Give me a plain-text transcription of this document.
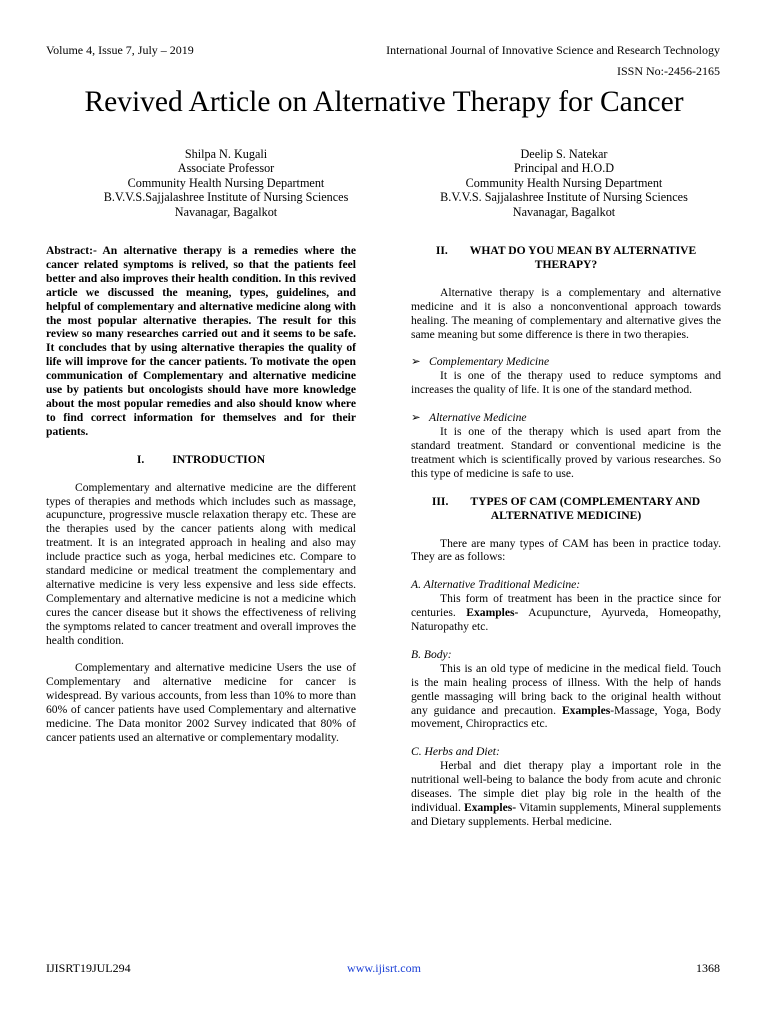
Volume 4, Issue 7, July – 2019	International Journal of Innovative Science and Research Technology
ISSN No:-2456-2165
Revived Article on Alternative Therapy for Cancer
Shilpa N. Kugali
Associate Professor
Community Health Nursing Department
B.V.V.S.Sajjalashree Institute of Nursing Sciences
Navanagar, Bagalkot
Deelip S. Natekar
Principal and H.O.D
Community Health Nursing Department
B.V.V.S. Sajjalashree Institute of Nursing Sciences
Navanagar, Bagalkot
Abstract:- An alternative therapy is a remedies where the cancer related symptoms is relived, so that the patients feel better and also improves their health condition. In this revived article we discussed the meaning, types, guidelines, and helpful of complementary and alternative medicine along with the most popular alternative therapies. The result for this review so many researches carried out and it seems to be safe. It concludes that by using alternative therapies the quality of life will improve for the cancer patients. To motivate the open communication of Complementary and alternative medicine use by patients but oncologists should have more knowledge about the most popular remedies and also should know where to find correct information for themselves and for their patients.
I. INTRODUCTION

Complementary and alternative medicine are the different types of therapies and methods which includes such as massage, acupuncture, progressive muscle relaxation therapy etc. These are the therapies used by the cancer patients along with medical treatment. It is an integrated approach in healing and also may include practice such as yoga, herbal medicines etc. Compare to standard medicine or medical treatment the complementary and alternative medicine is very less expensive and less side effects. Complementary and alternative medicine is not a medicine which cures the cancer disease but it shows the effectiveness of reliving the symptoms related to cancer treatment and overall improves the health condition.

Complementary and alternative medicine Users the use of Complementary and alternative medicine for cancer is widespread. By various accounts, from less than 10% to more than 60% of cancer patients have used Complementary and alternative medicine. The Data monitor 2002 Survey indicated that 80% of cancer patients used an alternative or complementary modality.

II. WHAT DO YOU MEAN BY ALTERNATIVE
THERAPY?

Alternative therapy is a complementary and alternative medicine and it is also a nonconventional approach towards healing. The meaning of complementary and alternative gives the same meaning but some difference is there in two therapies.

➢ Complementary Medicine

It is one of the therapy used to reduce symptoms and increases the quality of life. It is one of the standard method.

➢ Alternative Medicine

It is one of the therapy which is used apart from the standard treatment. Standard or conventional medicine is the treatment which is scientifically proved by various researches. So this type of medicine is safe to use.

III. TYPES OF CAM (COMPLEMENTARY AND
ALTERNATIVE MEDICINE)

There are many types of CAM has been in practice today. They are as follows:

A. Alternative Traditional Medicine:

This form of treatment has been in the practice since for centuries. Examples- Acupuncture, Ayurveda, Homeopathy, Naturopathy etc.

B. Body:

This is an old type of medicine in the medical field. Touch is the main healing process of illness. With the help of hands gentle massaging will bring back to the original health without any guidance and precaution. Examples-Massage, Yoga, Body movement, Chiropractics etc.

C. Herbs and Diet:

Herbal and diet therapy play a important role in the nutritional well-being to balance the body from acute and chronic diseases. The simple diet play big role in the health of the individual. Examples- Vitamin supplements, Mineral supplements and Dietary supplements. Herbal medicine.

IJISRT19JUL294	www.ijisrt.com	1368
